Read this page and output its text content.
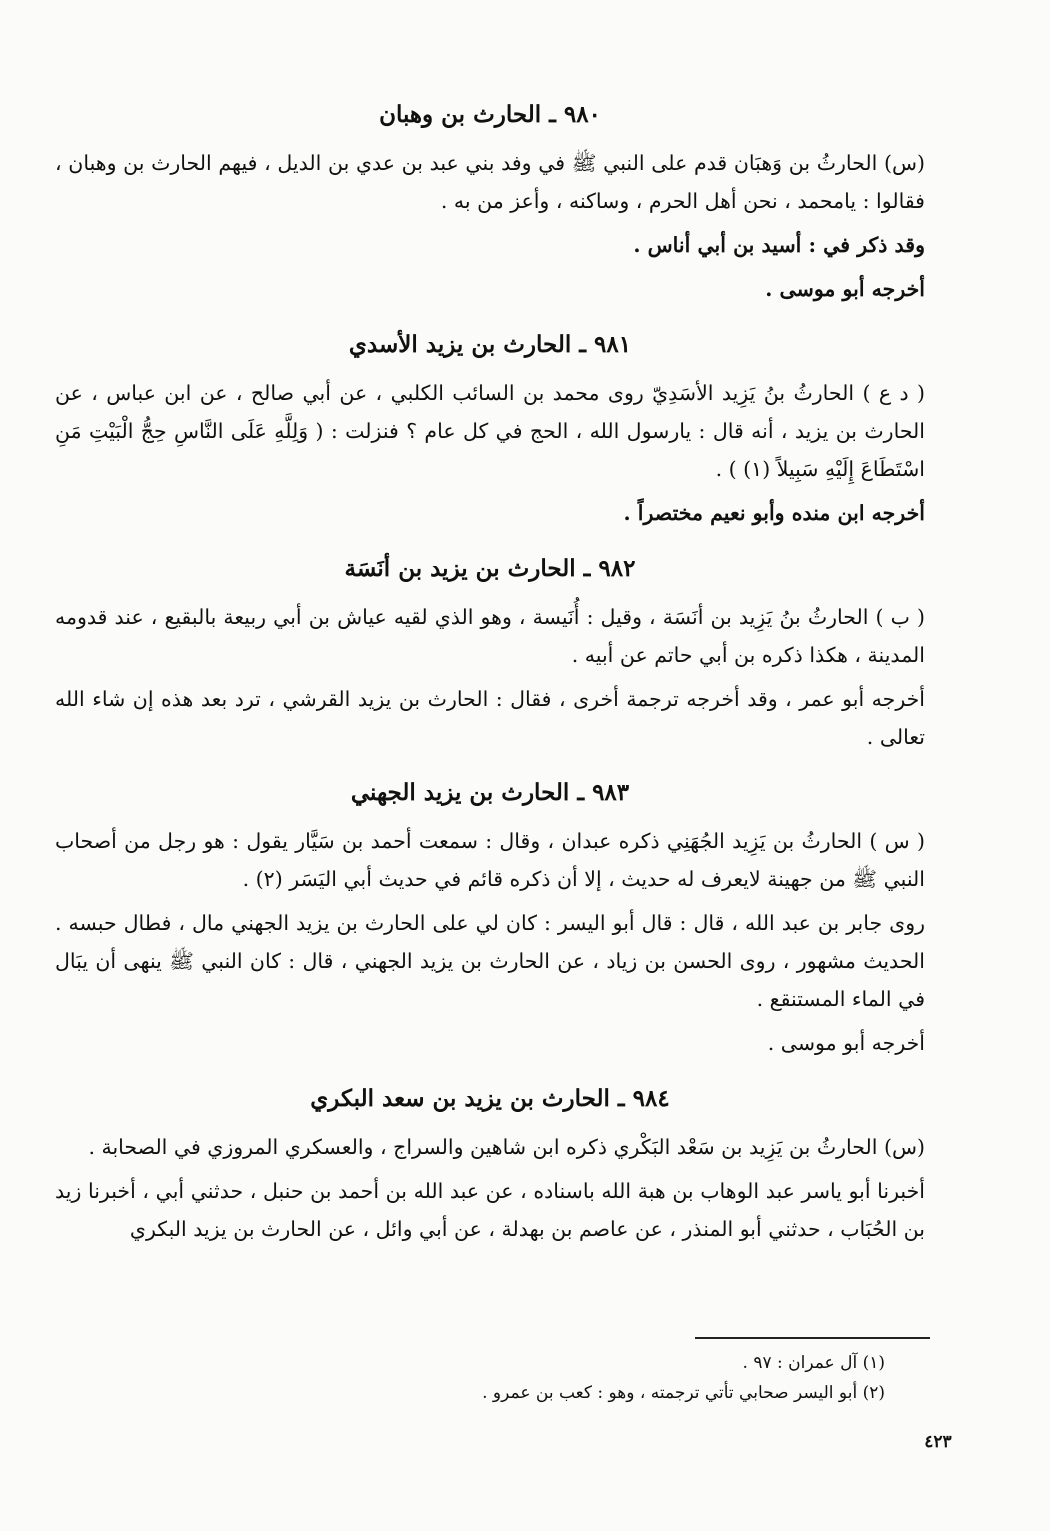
٩٨٠ ـ الحارث بن وهبان

(س) الحارثُ بن وَهبَان قدم على النبي ﷺ في وفد بني عبد بن عدي بن الديل ، فيهم الحارث بن وهبان ، فقالوا : يامحمد ، نحن أهل الحرم ، وساكنه ، وأعز من به .

وقد ذكر في : أسيد بن أبي أناس .

أخرجه أبو موسى .

٩٨١ ـ الحارث بن يزيد الأسدي

( د ع ) الحارثُ بنُ يَزِيد الأسَدِيّ روى محمد بن السائب الكلبي ، عن أبي صالح ، عن ابن عباس ، عن الحارث بن يزيد ، أنه قال : يارسول الله ، الحج في كل عام ؟ فنزلت : ( وَلِلَّهِ عَلَى النَّاسِ حِجُّ الْبَيْتِ مَنِ اسْتَطَاعَ إِلَيْهِ سَبِيلاً (١) ) .

أخرجه ابن منده وأبو نعيم مختصراً .

٩٨٢ ـ الحارث بن يزيد بن أنَسَة

( ب ) الحارثُ بنُ يَزِيد بن أنَسَة ، وقيل : أُنَيسة ، وهو الذي لقيه عياش بن أبي ربيعة بالبقيع ، عند قدومه المدينة ، هكذا ذكره بن أبي حاتم عن أبيه .

أخرجه أبو عمر ، وقد أخرجه ترجمة أخرى ، فقال : الحارث بن يزيد القرشي ، ترد بعد هذه إن شاء الله تعالى .

٩٨٣ ـ الحارث بن يزيد الجهني

( س ) الحارثُ بن يَزِيد الجُهَنِي ذكره عبدان ، وقال : سمعت أحمد بن سَيَّار يقول : هو رجل من أصحاب النبي ﷺ من جهينة لايعرف له حديث ، إلا أن ذكره قائم في حديث أبي اليَسَر (٢) .

روى جابر بن عبد الله ، قال : قال أبو اليسر : كان لي على الحارث بن يزيد الجهني مال ، فطال حبسه . الحديث مشهور ، روى الحسن بن زياد ، عن الحارث بن يزيد الجهني ، قال : كان النبي ﷺ ينهى أن يبَال في الماء المستنقع .

أخرجه أبو موسى .

٩٨٤ ـ الحارث بن يزيد بن سعد البكري

(س) الحارثُ بن يَزِيد بن سَعْد البَكْري ذكره ابن شاهين والسراج ، والعسكري المروزي في الصحابة .

أخبرنا أبو ياسر عبد الوهاب بن هبة الله باسناده ، عن عبد الله بن أحمد بن حنبل ، حدثني أبي ، أخبرنا زيد بن الحُبَاب ، حدثني أبو المنذر ، عن عاصم بن بهدلة ، عن أبي وائل ، عن الحارث بن يزيد البكري

(١) آل عمران : ٩٧ .
(٢) أبو اليسر صحابي تأتي ترجمته ، وهو : كعب بن عمرو .
٤٢٣
